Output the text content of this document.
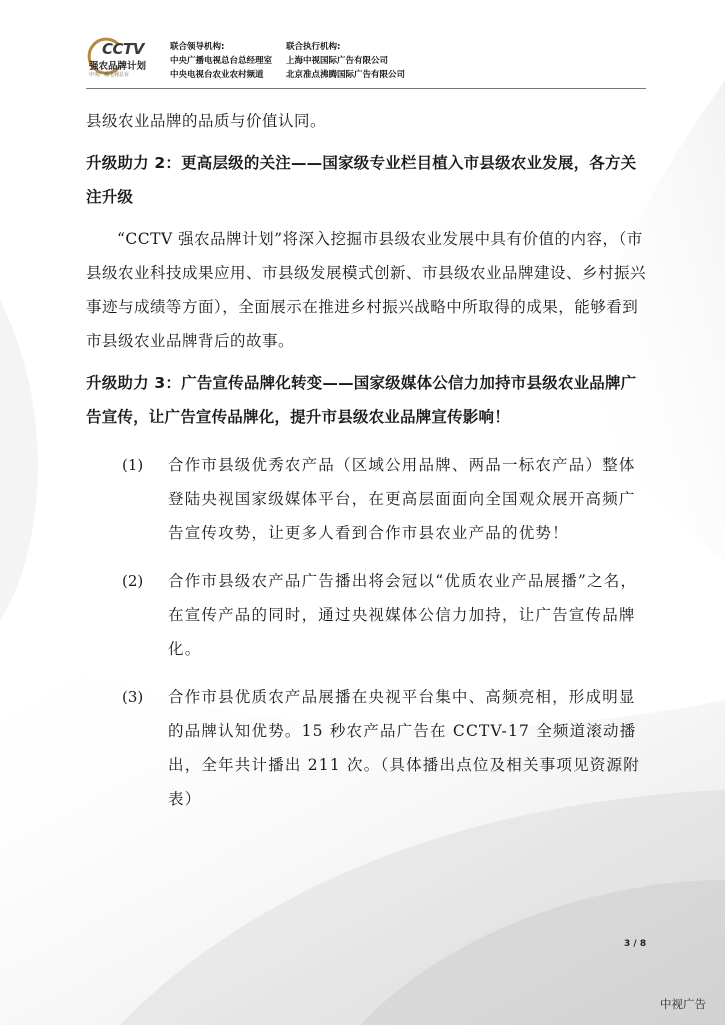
CCTV
强农品牌计划
中央广播电视总台
联合领导机构:
中央广播电视总台总经理室
中央电视台农业农村频道
联合执行机构:
上海中视国际广告有限公司
北京准点沸腾国际广告有限公司

县级农业品牌的品质与价值认同。

升级助力 2：更高层级的关注——国家级专业栏目植入市县级农业发展，各方关注升级

“CCTV 强农品牌计划”将深入挖掘市县级农业发展中具有价值的内容，（市县级农业科技成果应用、市县级发展模式创新、市县级农业品牌建设、乡村振兴事迹与成绩等方面），全面展示在推进乡村振兴战略中所取得的成果，能够看到市县级农业品牌背后的故事。

升级助力 3：广告宣传品牌化转变——国家级媒体公信力加持市县级农业品牌广告宣传，让广告宣传品牌化，提升市县级农业品牌宣传影响！

(1) 合作市县级优秀农产品（区域公用品牌、两品一标农产品）整体登陆央视国家级媒体平台，在更高层面面向全国观众展开高频广告宣传攻势，让更多人看到合作市县农业产品的优势！

(2) 合作市县级农产品广告播出将会冠以“优质农业产品展播”之名，在宣传产品的同时，通过央视媒体公信力加持，让广告宣传品牌化。

(3) 合作市县优质农产品展播在央视平台集中、高频亮相，形成明显的品牌认知优势。15 秒农产品广告在 CCTV-17 全频道滚动播出，全年共计播出 211 次。（具体播出点位及相关事项见资源附表）

3 / 8
中视广告
